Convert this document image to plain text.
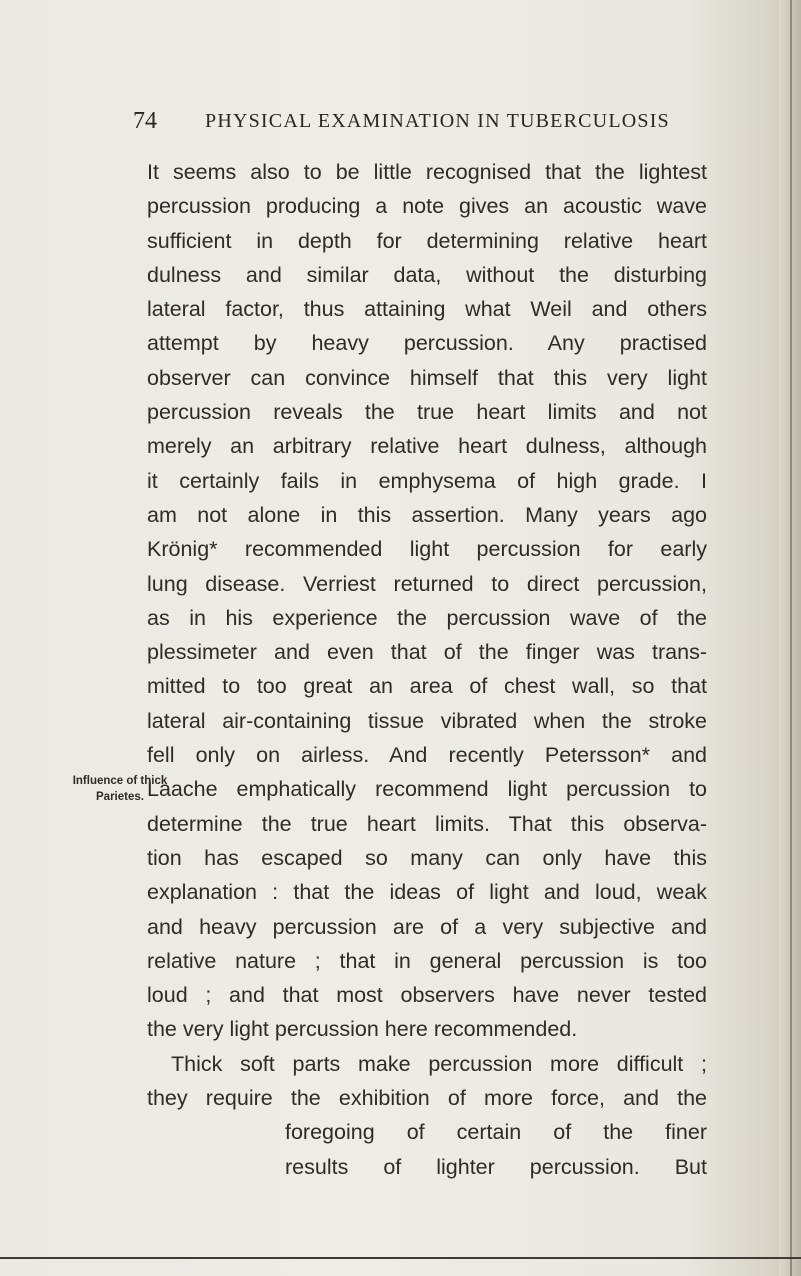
74 PHYSICAL EXAMINATION IN TUBERCULOSIS
It seems also to be little recognised that the lightest
percussion producing a note gives an acoustic wave
sufficient in depth for determining relative heart
dulness and similar data, without the disturbing
lateral factor, thus attaining what Weil and others
attempt by heavy percussion. Any practised
observer can convince himself that this very light
percussion reveals the true heart limits and not
merely an arbitrary relative heart dulness, although
it certainly fails in emphysema of high grade. I
am not alone in this assertion. Many years ago
Krönig* recommended light percussion for early
lung disease. Verriest returned to direct percussion,
as in his experience the percussion wave of the
plessimeter and even that of the finger was trans-
mitted to too great an area of chest wall, so that
lateral air-containing tissue vibrated when the stroke
fell only on airless. And recently Petersson* and
Laache emphatically recommend light percussion to
determine the true heart limits. That this observa-
tion has escaped so many can only have this
explanation : that the ideas of light and loud, weak
and heavy percussion are of a very subjective and
relative nature ; that in general percussion is too
loud ; and that most observers have never tested
the very light percussion here recommended.
Thick soft parts make percussion more difficult ;
they require the exhibition of more force, and the
foregoing of certain of the finer
results of lighter percussion. But
Influence of thick
Parietes.
